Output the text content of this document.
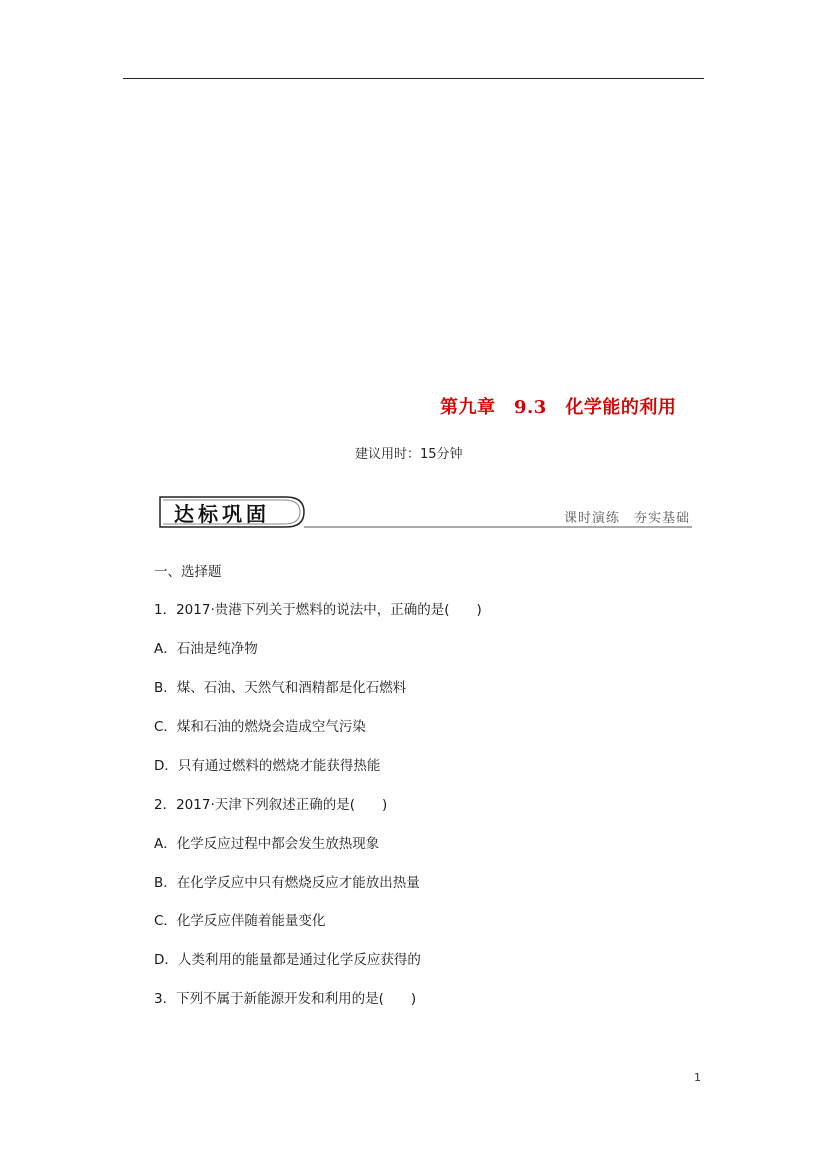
第九章　9.3　化学能的利用
建议用时：15分钟
达标巩固	课时演练　夯实基础
一、选择题
1．2017·贵港下列关于燃料的说法中，正确的是(　　)
A．石油是纯净物
B．煤、石油、天然气和酒精都是化石燃料
C．煤和石油的燃烧会造成空气污染
D．只有通过燃料的燃烧才能获得热能
2．2017·天津下列叙述正确的是(　　)
A．化学反应过程中都会发生放热现象
B．在化学反应中只有燃烧反应才能放出热量
C．化学反应伴随着能量变化
D．人类利用的能量都是通过化学反应获得的
3．下列不属于新能源开发和利用的是(　　)
1
